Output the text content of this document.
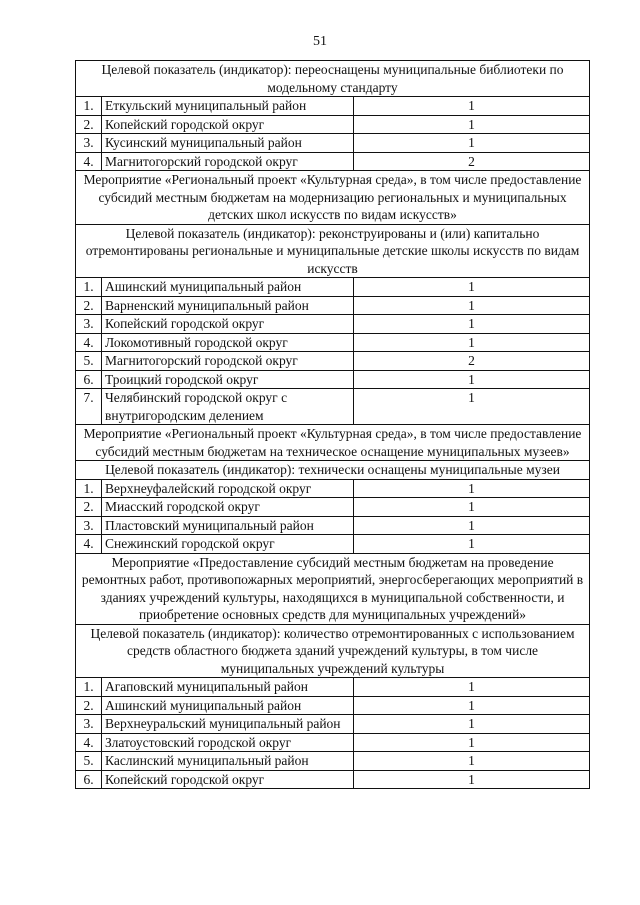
51
Целевой показатель (индикатор): переоснащены муниципальные библиотеки по модельному стандарту		
1.	Еткульский муниципальный район	1
2.	Копейский городской округ	1
3.	Кусинский муниципальный район	1
4.	Магнитогорский городской округ	2
Мероприятие «Региональный проект «Культурная среда», в том числе предоставление субсидий местным бюджетам на модернизацию региональных и муниципальных детских школ искусств по видам искусств»		
Целевой показатель (индикатор): реконструированы и (или) капитально отремонтированы региональные и муниципальные детские школы искусств по видам искусств		
1.	Ашинский муниципальный район	1
2.	Варненский муниципальный район	1
3.	Копейский городской округ	1
4.	Локомотивный городской округ	1
5.	Магнитогорский городской округ	2
6.	Троицкий городской округ	1
7.	Челябинский городской округ с внутригородским делением	1
Мероприятие «Региональный проект «Культурная среда», в том числе предоставление субсидий местным бюджетам на техническое оснащение муниципальных музеев»		
Целевой показатель (индикатор): технически оснащены муниципальные музеи		
1.	Верхнеуфалейский городской округ	1
2.	Миасский городской округ	1
3.	Пластовский муниципальный район	1
4.	Снежинский городской округ	1
Мероприятие «Предоставление субсидий местным бюджетам на проведение ремонтных работ, противопожарных мероприятий, энергосберегающих мероприятий в зданиях учреждений культуры, находящихся в муниципальной собственности, и приобретение основных средств для муниципальных учреждений»		
Целевой показатель (индикатор): количество отремонтированных с использованием средств областного бюджета зданий учреждений культуры, в том числе муниципальных учреждений культуры		
1.	Агаповский муниципальный район	1
2.	Ашинский муниципальный район	1
3.	Верхнеуральский муниципальный район	1
4.	Златоустовский городской округ	1
5.	Каслинский муниципальный район	1
6.	Копейский городской округ	1
